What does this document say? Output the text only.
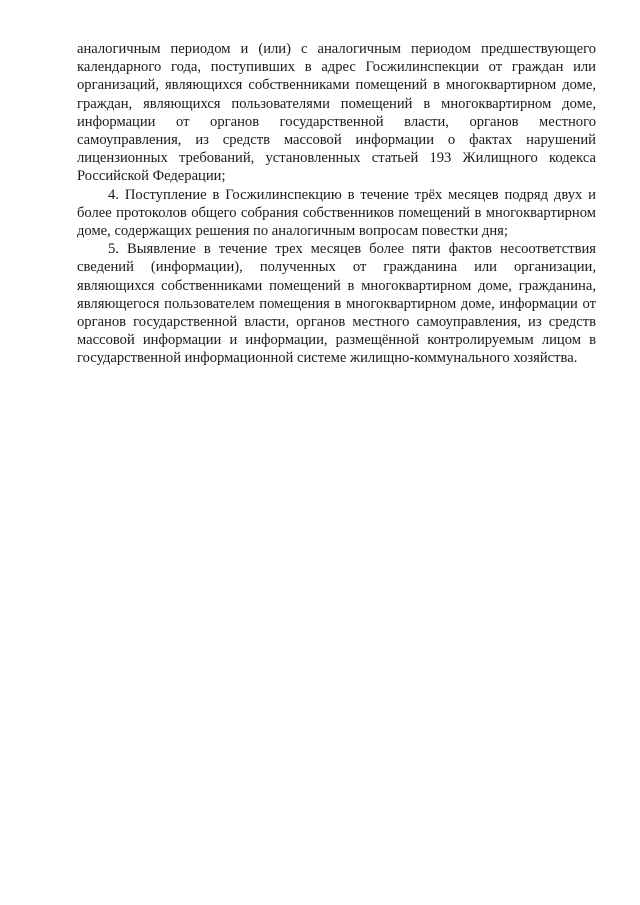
аналогичным периодом и (или) с аналогичным периодом предшествующего календарного года, поступивших в адрес Госжилинспекции от граждан или организаций, являющихся собственниками помещений в многоквартирном доме, граждан, являющихся пользователями помещений в многоквартирном доме, информации от органов государственной власти, органов местного самоуправления, из средств массовой информации о фактах нарушений лицензионных требований, установленных статьей 193 Жилищного кодекса Российской Федерации;

4. Поступление в Госжилинспекцию в течение трёх месяцев подряд двух и более протоколов общего собрания собственников помещений в многоквартирном доме, содержащих решения по аналогичным вопросам повестки дня;

5. Выявление в течение трех месяцев более пяти фактов несоответствия сведений (информации), полученных от гражданина или организации, являющихся собственниками помещений в многоквартирном доме, гражданина, являющегося пользователем помещения в многоквартирном доме, информации от органов государственной власти, органов местного самоуправления, из средств массовой информации и информации, размещённой контролируемым лицом в государственной информационной системе жилищно-коммунального хозяйства.
